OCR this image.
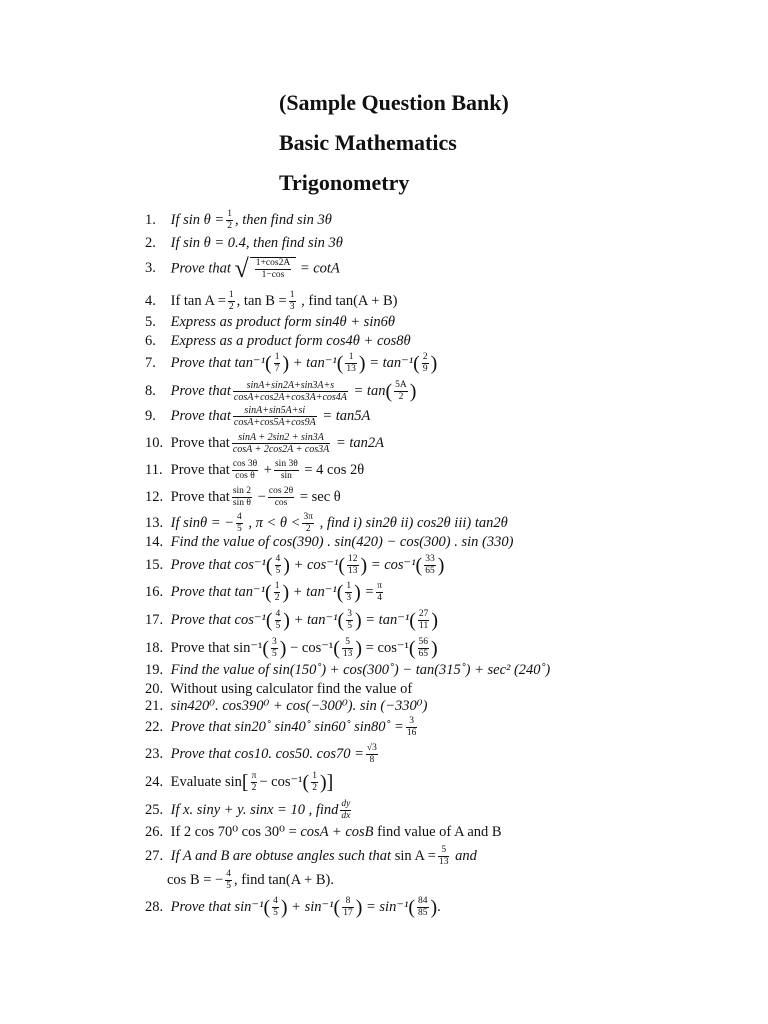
(Sample Question Bank)
Basic Mathematics
Trigonometry
1. If $\sin \theta = \frac{1}{2}$ , then find sin 3θ
2. If sin θ = 0.4, then find sin 3θ
3. Prove that √ $\frac{1+\cos 2A}{1-\cos} = \cot A$
4. If $\tan A = \frac{1}{2}$ , $\tan B = \frac{1}{3}$ , find tan(A + B)
5. Express as product form sin4θ + sin6θ
6. Express as a product form cos4θ + cos8θ
7. Prove that $\tan^{-1}( \frac{1}{7}$ ) + $\tan^{-1}( \frac{1}{13}$ ) = $\tan^{-1}( \frac{2}{9}$ )
8. Prove that $\frac{\sin A+\sin 2A+\sin 3A+s}{\cos A+\cos 2A+\cos 3A+\cos 4A} = \tan( \frac{5A}{2}$ )
9. Prove that $\frac{\sin A+\sin 5A+si}{\cos A+\cos 5A+\cos 9A} = \tan 5A$
10. Prove that $\frac{\sin A + 2\sin 2 + \sin 3A}{\cos A + 2\cos 2A + \cos 3A} = \tan 2A$
11. Prove that $\frac{\cos 3\theta}{\text{cos θ}} + \frac{\sin 3\theta}{\sin} = 4$ cos 2θ
12. Prove that $\frac{\sin 2}{\text{sin θ}} - \frac{\cos 2\theta}{\cos} = \sec \theta$
13. If sinθ = − $\frac{4}{5}$ , $\pi < \theta < \frac{3\pi}{2}$ , find i) sin2θ ii) cos2θ iii) tan2θ
14. Find the value of cos(390) . sin(420) − cos(300) . sin (330)
15. Prove that $\cos^{-1}( \frac{4}{5}$ ) + $\cos^{-1}( \frac{12}{13}$ ) = $\cos^{-1}( \frac{33}{65}$ )
16. Prove that $\tan^{-1}( \frac{1}{2}$ ) + $\tan^{-1}( \frac{1}{3}$ ) = $\frac{\pi}{4}$
17. Prove that $\cos^{-1}( \frac{4}{5}$ ) + $\tan^{-1}( \frac{3}{5}$ ) = $\tan^{-1}( \frac{27}{11}$ )
18. Prove that $\sin^{-1}( \frac{3}{5}$ ) − $\cos^{-1}( \frac{5}{13}$ ) = $\cos^{-1}( \frac{56}{65}$ )
19. Find the value of sin(150˚) + cos(300˚) − tan(315˚) + sec² (240˚)
20. Without using calculator find the value of
21. sin420⁰. cos390⁰ + cos(−300⁰). sin (−330⁰)
22. Prove that sin20˚ sin40˚ sin60˚ sin80˚ = $\frac{3}{16}$
23. Prove that cos10. cos50. $\cos 70 = \frac{√3}{8}$
24. Evaluate $\sin[ \frac{\pi}{2} - \cos^{-1}( \frac{1}{2}$ )]
25. If x. siny + y. sinx = 10 , find $\frac{dy}{dx}$
26. If 2 cos 70⁰ cos 30⁰ = cosA + cosB find value of A and B
27. If A and B are obtuse angles such that $\sin A = \frac{5}{13}$ and
cos B = − $\frac{4}{5}$ , find tan(A + B).
28. Prove that $\sin^{-1}( \frac{4}{5}$ ) + $\sin^{-1}( \frac{8}{17}$ ) = $\sin^{-1}( \frac{84}{85}$ ).
